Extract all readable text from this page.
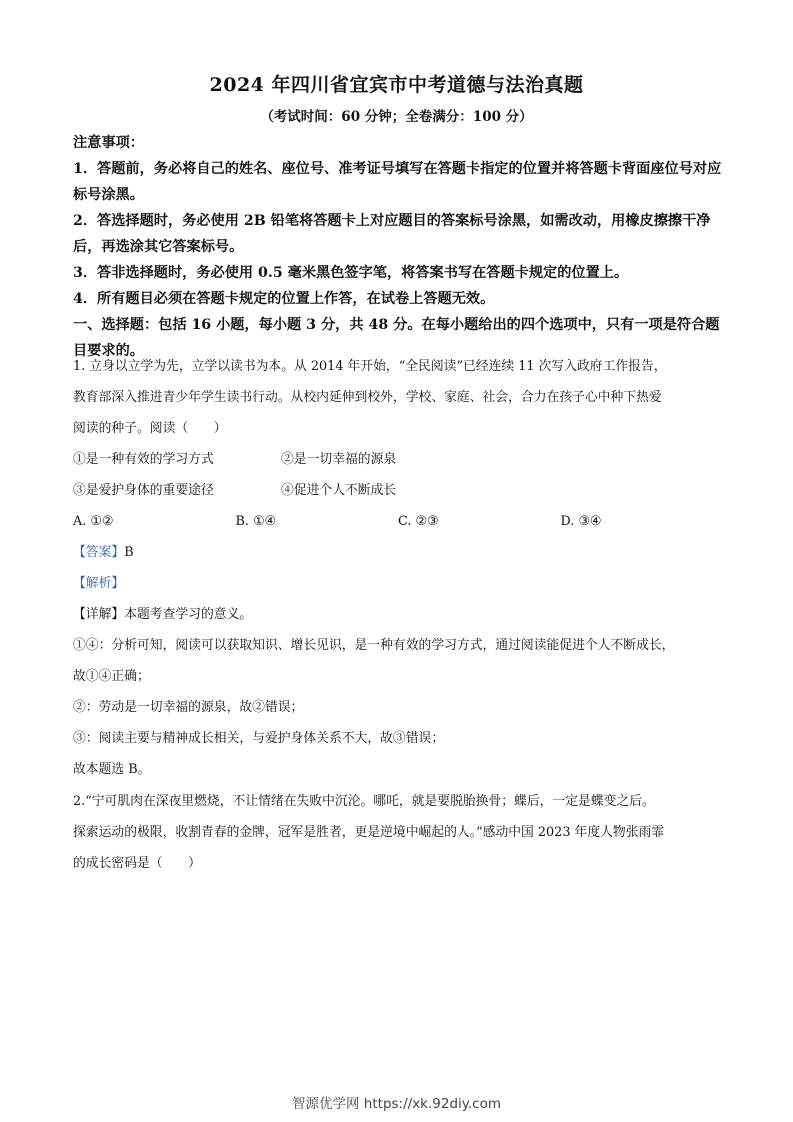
2024 年四川省宜宾市中考道德与法治真题
（考试时间：60 分钟；全卷满分：100 分）

注意事项：

1．答题前，务必将自己的姓名、座位号、准考证号填写在答题卡指定的位置并将答题卡背面座位号对应标号涂黑。

2．答选择题时，务必使用 2B 铅笔将答题卡上对应题目的答案标号涂黑，如需改动，用橡皮擦擦干净后，再选涂其它答案标号。

3．答非选择题时，务必使用 0.5 毫米黑色签字笔，将答案书写在答题卡规定的位置上。

4．所有题目必须在答题卡规定的位置上作答，在试卷上答题无效。

一、选择题：包括 16 小题，每小题 3 分，共 48 分。在每小题给出的四个选项中，只有一项是符合题目要求的。

1. 立身以立学为先，立学以读书为本。从 2014 年开始，“全民阅读”已经连续 11 次写入政府工作报告，

教育部深入推进青少年学生读书行动。从校内延伸到校外，学校、家庭、社会，合力在孩子心中种下热爱

阅读的种子。阅读（　　）

①是一种有效的学习方式	②是一切幸福的源泉
③是爱护身体的重要途径	④促进个人不断成长
A. ①②	B. ①④	C. ②③	D. ③④

【答案】B

【解析】

【详解】本题考查学习的意义。

①④：分析可知，阅读可以获取知识、增长见识，是一种有效的学习方式，通过阅读能促进个人不断成长，

故①④正确；

②：劳动是一切幸福的源泉，故②错误；

③：阅读主要与精神成长相关，与爱护身体关系不大，故③错误；

故本题选 B。

2.“宁可肌肉在深夜里燃烧，不让情绪在失败中沉沦。哪吒，就是要脱胎换骨；蝶后，一定是蝶变之后。

探索运动的极限，收割青春的金牌，冠军是胜者，更是逆境中崛起的人。”感动中国 2023 年度人物张雨霏

的成长密码是（　　）

智源优学网 https://xk.92diy.com
